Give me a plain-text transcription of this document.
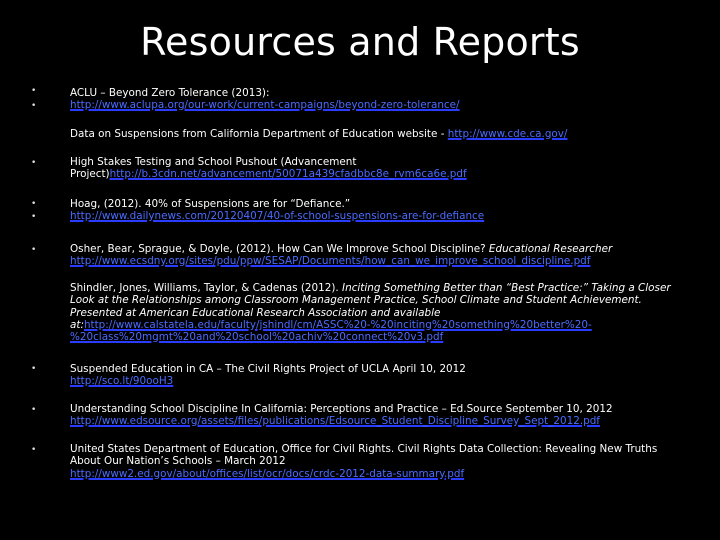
Resources and Reports
•
•
•
•
•
•
•
•
•
ACLU – Beyond Zero Tolerance (2013):
http://www.aclupa.org/our-work/current-campaigns/beyond-zero-tolerance/
Data on Suspensions from California Department of Education website - http://www.cde.ca.gov/
High Stakes Testing and School Pushout (Advancement
Project)http://b.3cdn.net/advancement/50071a439cfadbbc8e_rvm6ca6e.pdf
Hoag, (2012). 40% of Suspensions are for “Defiance.”
http://www.dailynews.com/20120407/40-of-school-suspensions-are-for-defiance
Osher, Bear, Sprague, & Doyle, (2012). How Can We Improve School Discipline? Educational Researcher
http://www.ecsdny.org/sites/pdu/ppw/SESAP/Documents/how_can_we_improve_school_discipline.pdf
Shindler, Jones, Williams, Taylor, & Cadenas (2012). Inciting Something Better than “Best Practice:” Taking a Closer
Look at the Relationships among Classroom Management Practice, School Climate and Student Achievement.
Presented at American Educational Research Association and available
at:http://www.calstatela.edu/faculty/jshindl/cm/ASSC%20-%20inciting%20something%20better%20-
%20class%20mgmt%20and%20school%20achiv%20connect%20v3.pdf
Suspended Education in CA – The Civil Rights Project of UCLA April 10, 2012
http://sco.lt/90ooH3
Understanding School Discipline In California: Perceptions and Practice – Ed.Source September 10, 2012
http://www.edsource.org/assets/files/publications/Edsource_Student_Discipline_Survey_Sept_2012.pdf
United States Department of Education, Office for Civil Rights. Civil Rights Data Collection: Revealing New Truths
About Our Nation’s Schools – March 2012
http://www2.ed.gov/about/offices/list/ocr/docs/crdc-2012-data-summary.pdf
